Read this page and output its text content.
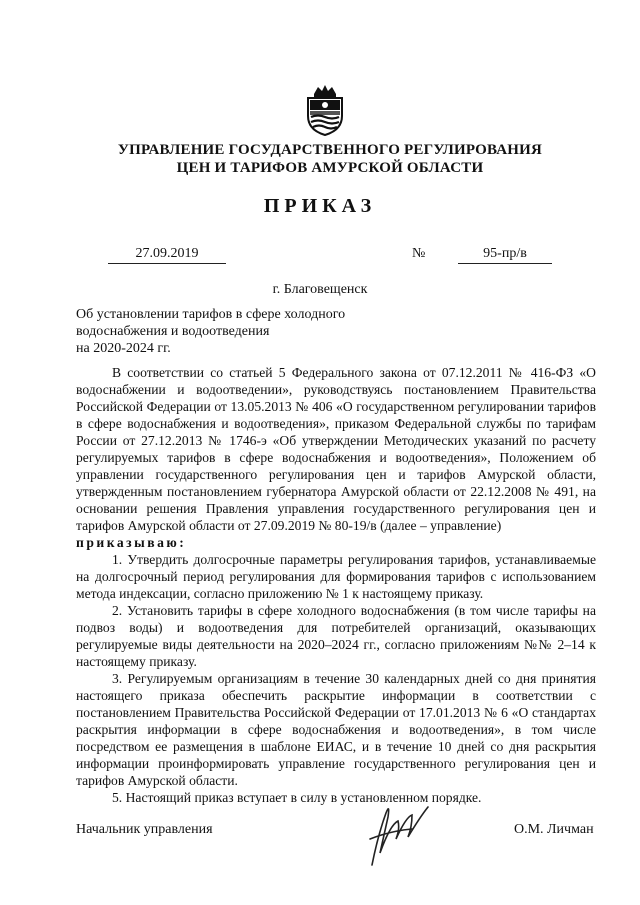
УПРАВЛЕНИЕ ГОСУДАРСТВЕННОГО РЕГУЛИРОВАНИЯ
ЦЕН И ТАРИФОВ АМУРСКОЙ ОБЛАСТИ
ПРИКАЗ
27.09.2019	№	95-пр/в
г. Благовещенск
Об установлении тарифов в сфере холодного
водоснабжения и водоотведения
на 2020-2024 гг.

В соответствии со статьей 5 Федерального закона от 07.12.2011 № 416-ФЗ «О водоснабжении и водоотведении», руководствуясь постановлением Правительства Российской Федерации от 13.05.2013 № 406 «О государственном регулировании тарифов в сфере водоснабжения и водоотведения», приказом Федеральной службы по тарифам России от 27.12.2013 № 1746-э «Об утверждении Методических указаний по расчету регулируемых тарифов в сфере водоснабжения и водоотведения», Положением об управлении государственного регулирования цен и тарифов Амурской области, утвержденным постановлением губернатора Амурской области от 22.12.2008 № 491, на основании решения Правления управления государственного регулирования цен и тарифов Амурской области от 27.09.2019 № 80-19/в (далее – управление)

приказываю:

1. Утвердить долгосрочные параметры регулирования тарифов, устанавливаемые на долгосрочный период регулирования для формирования тарифов с использованием метода индексации, согласно приложению № 1 к настоящему приказу.

2. Установить тарифы в сфере холодного водоснабжения (в том числе тарифы на подвоз воды) и водоотведения для потребителей организаций, оказывающих регулируемые виды деятельности на 2020–2024 гг., согласно приложениям №№ 2–14 к настоящему приказу.

3. Регулируемым организациям в течение 30 календарных дней со дня принятия настоящего приказа обеспечить раскрытие информации в соответствии с постановлением Правительства Российской Федерации от 17.01.2013 № 6 «О стандартах раскрытия информации в сфере водоснабжения и водоотведения», в том числе посредством ее размещения в шаблоне ЕИАС, и в течение 10 дней со дня раскрытия информации проинформировать управление государственного регулирования цен и тарифов Амурской области.

5. Настоящий приказ вступает в силу в установленном порядке.

Начальник управления	О.М. Личман
